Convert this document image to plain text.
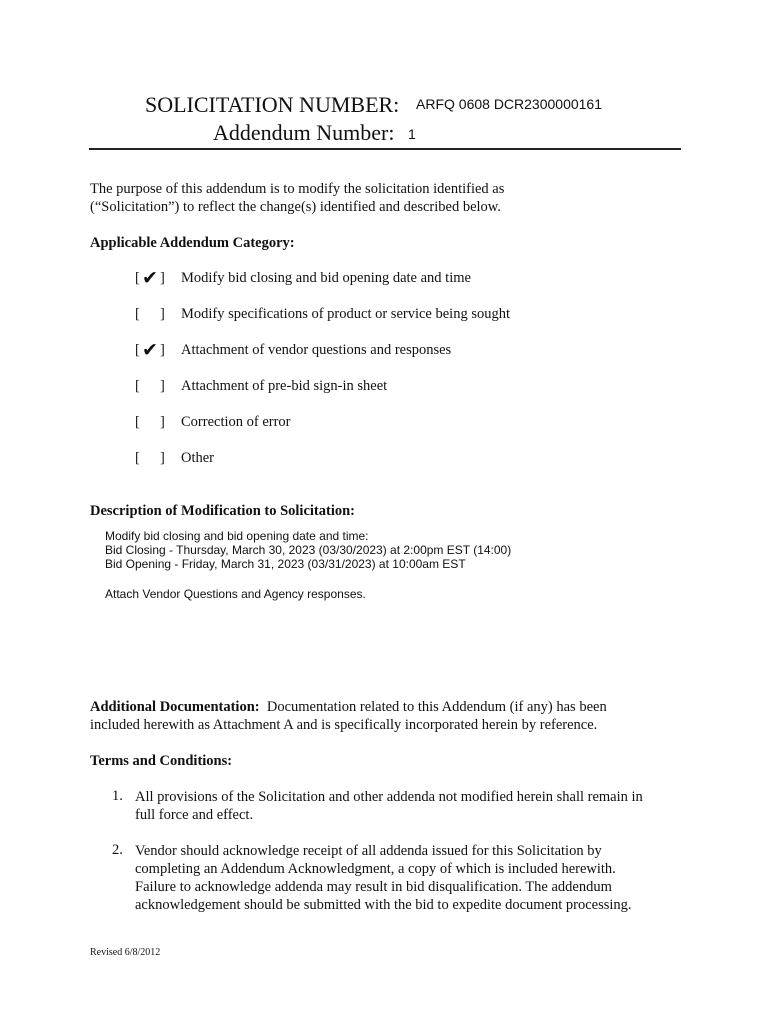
SOLICITATION NUMBER: ARFQ 0608 DCR2300000161
Addendum Number: 1
The purpose of this addendum is to modify the solicitation identified as
(“Solicitation”) to reflect the change(s) identified and described below.
Applicable Addendum Category:
[ ✔ ] Modify bid closing and bid opening date and time
[ ] Modify specifications of product or service being sought
[ ✔ ] Attachment of vendor questions and responses
[ ] Attachment of pre-bid sign-in sheet
[ ] Correction of error
[ ] Other
Description of Modification to Solicitation:
Modify bid closing and bid opening date and time:
Bid Closing - Thursday, March 30, 2023 (03/30/2023) at 2:00pm EST (14:00)
Bid Opening - Friday, March 31, 2023 (03/31/2023) at 10:00am EST
Attach Vendor Questions and Agency responses.
Additional Documentation: Documentation related to this Addendum (if any) has been
included herewith as Attachment A and is specifically incorporated herein by reference.
Terms and Conditions:
1. All provisions of the Solicitation and other addenda not modified herein shall remain in
full force and effect.
2. Vendor should acknowledge receipt of all addenda issued for this Solicitation by
completing an Addendum Acknowledgment, a copy of which is included herewith.
Failure to acknowledge addenda may result in bid disqualification. The addendum
acknowledgement should be submitted with the bid to expedite document processing.
Revised 6/8/2012
